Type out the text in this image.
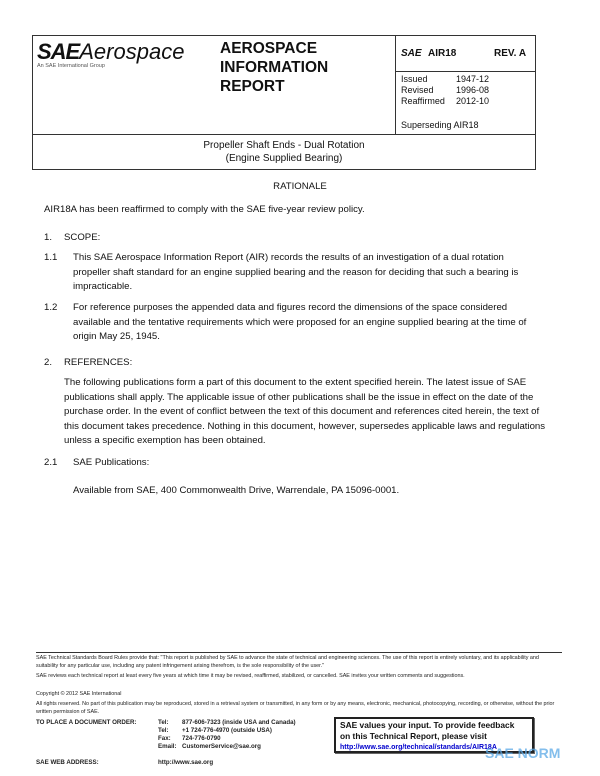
SAEAerospace
An SAE International Group
AEROSPACE
INFORMATION
REPORT
SAE AIR18	REV. A
Issued	1947-12
Revised 1996-08
Reaffirmed 2012-10
Superseding AIR18
Propeller Shaft Ends - Dual Rotation
(Engine Supplied Bearing)
RATIONALE
AIR18A has been reaffirmed to comply with the SAE five-year review policy.
1. SCOPE:
1.1 This SAE Aerospace Information Report (AIR) records the results of an investigation of a dual rotation propeller shaft standard for an engine supplied bearing and the reason for deciding that such a bearing is impracticable.
1.2 For reference purposes the appended data and figures record the dimensions of the space considered available and the tentative requirements which were proposed for an engine supplied bearing at the time of origin May 25, 1945.
2. REFERENCES:
The following publications form a part of this document to the extent specified herein. The latest issue of SAE publications shall apply. The applicable issue of other publications shall be the issue in effect on the date of the purchase order. In the event of conflict between the text of this document and references cited herein, the text of this document takes precedence. Nothing in this document, however, supersedes applicable laws and regulations unless a specific exemption has been obtained.
2.1 SAE Publications:
Available from SAE, 400 Commonwealth Drive, Warrendale, PA 15096-0001.
SAE Technical Standards Board Rules provide that: "This report is published by SAE to advance the state of technical and engineering sciences. The use of this report is entirely voluntary, and its applicability and suitability for any particular use, including any patent infringement arising therefrom, is the sole responsibility of the user."
SAE reviews each technical report at least every five years at which time it may be revised, reaffirmed, stabilized, or cancelled. SAE invites your written comments and suggestions.
Copyright © 2012 SAE International
All rights reserved. No part of this publication may be reproduced, stored in a retrieval system or transmitted, in any form or by any means, electronic, mechanical, photocopying, recording, or otherwise, without the prior written permission of SAE.
TO PLACE A DOCUMENT ORDER:	Tel: 877-606-7323 (inside USA and Canada)
Tel: +1 724-776-4970 (outside USA)
Fax: 724-776-0790
Email: CustomerService@sae.org
SAE WEB ADDRESS:	http://www.sae.org
SAE values your input. To provide feedback
on this Technical Report, please visit
http://www.sae.org/technical/standards/AIR18A
SAE NORM
